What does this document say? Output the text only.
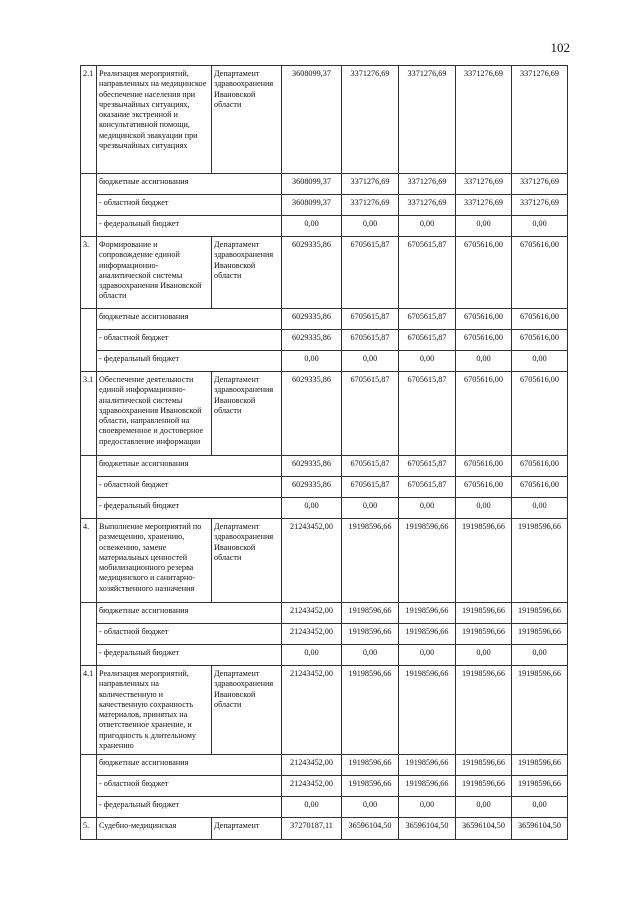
102
2.1	Реализация мероприятий, направленных на медицинское обеспечение населения при чрезвычайных ситуациях, оказание экстренной и консультативной помощи, медицинской эвакуации при чрезвычайных ситуациях	Департамент здравоохранения Ивановской области	3608099,37	3371276,69	3371276,69	3371276,69	3371276,69
	бюджетные ассигнования		3608099,37	3371276,69	3371276,69	3371276,69	3371276,69
	- областной бюджет		3608099,37	3371276,69	3371276,69	3371276,69	3371276,69
	- федеральный бюджет		0,00	0,00	0,00	0,00	0,00
3.	Формирование и сопровождение единой информационно-аналитической системы здравоохранения Ивановской области	Департамент здравоохранения Ивановской области	6029335,86	6705615,87	6705615,87	6705616,00	6705616,00
	бюджетные ассигнования		6029335,86	6705615,87	6705615,87	6705616,00	6705616,00
	- областной бюджет		6029335,86	6705615,87	6705615,87	6705616,00	6705616,00
	- федеральный бюджет		0,00	0,00	0,00	0,00	0,00
3.1	Обеспечение деятельности единой информационно-аналитической системы здравоохранения Ивановской области, направленной на своевременное и достоверное предоставление информации	Департамент здравоохранения Ивановской области	6029335,86	6705615,87	6705615,87	6705616,00	6705616,00
	бюджетные ассигнования		6029335,86	6705615,87	6705615,87	6705616,00	6705616,00
	- областной бюджет		6029335,86	6705615,87	6705615,87	6705616,00	6705616,00
	- федеральный бюджет		0,00	0,00	0,00	0,00	0,00
4.	Выполнение мероприятий по размещению, хранению, освежению, замене материальных ценностей мобилизационного резерва медицинского и санитарно-хозяйственного назначения	Департамент здравоохранения Ивановской области	21243452,00	19198596,66	19198596,66	19198596,66	19198596,66
	бюджетные ассигнования		21243452,00	19198596,66	19198596,66	19198596,66	19198596,66
	- областной бюджет		21243452,00	19198596,66	19198596,66	19198596,66	19198596,66
	- федеральный бюджет		0,00	0,00	0,00	0,00	0,00
4.1	Реализация мероприятий, направленных на количественную и качественную сохранность материалов, принятых на ответственное хранение, и пригодность к длительному хранению	Департамент здравоохранения Ивановской области	21243452,00	19198596,66	19198596,66	19198596,66	19198596,66
	бюджетные ассигнования		21243452,00	19198596,66	19198596,66	19198596,66	19198596,66
	- областной бюджет		21243452,00	19198596,66	19198596,66	19198596,66	19198596,66
	- федеральный бюджет		0,00	0,00	0,00	0,00	0,00
5.	Судебно-медицинская	Департамент	37270187,11	36596104,50	36596104,50	36596104,50	36596104,50
